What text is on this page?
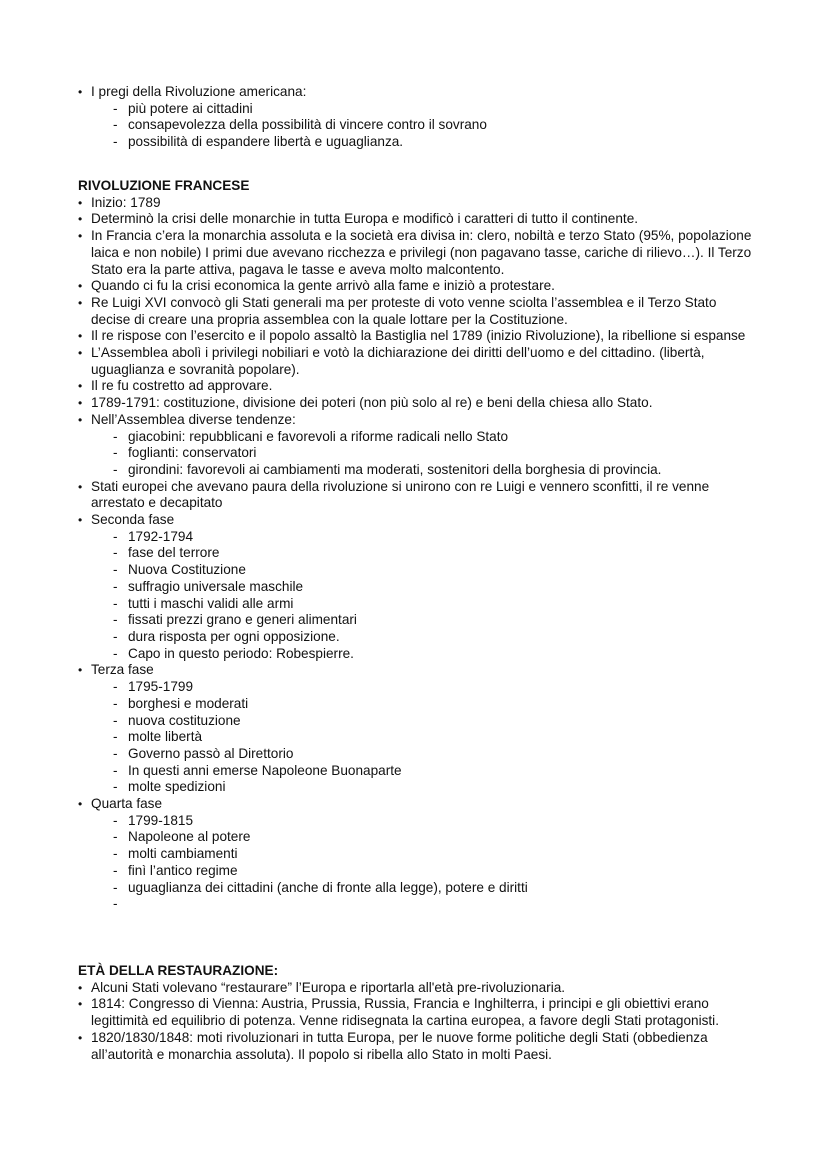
• I pregi della Rivoluzione americana:
- più potere ai cittadini
- consapevolezza della possibilità di vincere contro il sovrano
- possibilità di espandere libertà e uguaglianza.
RIVOLUZIONE FRANCESE
• Inizio: 1789
• Determinò la crisi delle monarchie in tutta Europa e modificò i caratteri di tutto il continente.
• In Francia c’era la monarchia assoluta e la società era divisa in: clero, nobiltà e terzo Stato (95%, popolazione laica e non nobile) I primi due avevano ricchezza e privilegi (non pagavano tasse, cariche di rilievo…). Il Terzo Stato era la parte attiva, pagava le tasse e aveva molto malcontento.
• Quando ci fu la crisi economica la gente arrivò alla fame e iniziò a protestare.
• Re Luigi XVI convocò gli Stati generali ma per proteste di voto venne sciolta l’assemblea e il Terzo Stato decise di creare una propria assemblea con la quale lottare per la Costituzione.
• Il re rispose con l’esercito e il popolo assaltò la Bastiglia nel 1789 (inizio Rivoluzione), la ribellione si espanse
• L’Assemblea abolì i privilegi nobiliari e votò la dichiarazione dei diritti dell’uomo e del cittadino. (libertà, uguaglianza e sovranità popolare).
• Il re fu costretto ad approvare.
• 1789-1791: costituzione, divisione dei poteri (non più solo al re) e beni della chiesa allo Stato.
• Nell’Assemblea diverse tendenze:
- giacobini: repubblicani e favorevoli a riforme radicali nello Stato
- foglianti: conservatori
- girondini: favorevoli ai cambiamenti ma moderati, sostenitori della borghesia di provincia.
• Stati europei che avevano paura della rivoluzione si unirono con re Luigi e vennero sconfitti, il re venne arrestato e decapitato
• Seconda fase
- 1792-1794
- fase del terrore
- Nuova Costituzione
- suffragio universale maschile
- tutti i maschi validi alle armi
- fissati prezzi grano e generi alimentari
- dura risposta per ogni opposizione.
- Capo in questo periodo: Robespierre.
• Terza fase
- 1795-1799
- borghesi e moderati
- nuova costituzione
- molte libertà
- Governo passò al Direttorio
- In questi anni emerse Napoleone Buonaparte
- molte spedizioni
• Quarta fase
- 1799-1815
- Napoleone al potere
- molti cambiamenti
- finì l’antico regime
- uguaglianza dei cittadini (anche di fronte alla legge), potere e diritti
-
ETÀ DELLA RESTAURAZIONE:
• Alcuni Stati volevano “restaurare” l’Europa e riportarla all'età pre-rivoluzionaria.
• 1814: Congresso di Vienna: Austria, Prussia, Russia, Francia e Inghilterra, i principi e gli obiettivi erano legittimità ed equilibrio di potenza. Venne ridisegnata la cartina europea, a favore degli Stati protagonisti.
• 1820/1830/1848: moti rivoluzionari in tutta Europa, per le nuove forme politiche degli Stati (obbedienza all’autorità e monarchia assoluta). Il popolo si ribella allo Stato in molti Paesi.
